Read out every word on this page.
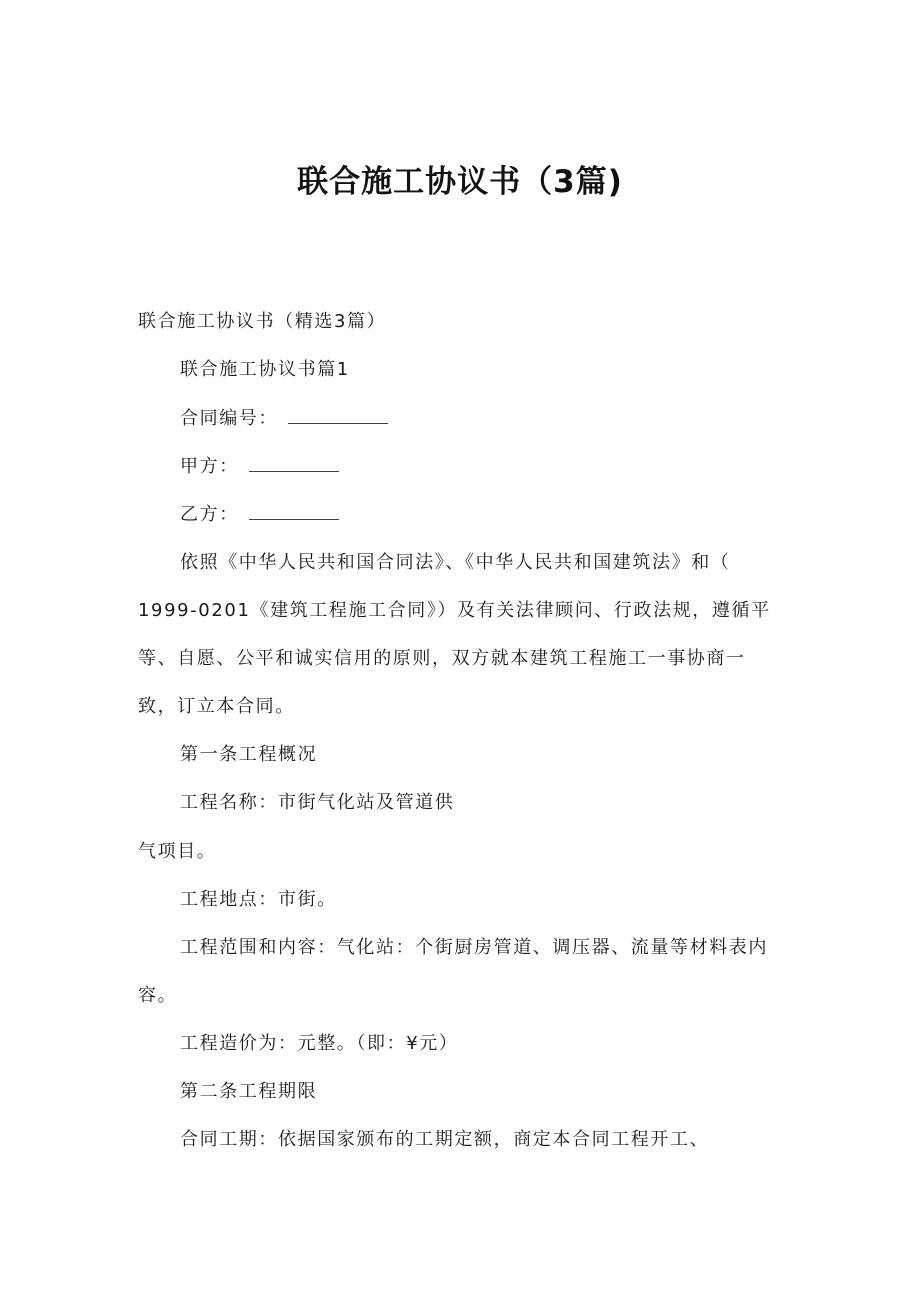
联合施工协议书（3篇)
联合施工协议书（精选3篇）
联合施工协议书篇1
合同编号：
甲方：
乙方：
依照《中华人民共和国合同法》、《中华人民共和国建筑法》和（
1999-0201《建筑工程施工合同》）及有关法律顾问、行政法规，遵循平
等、自愿、公平和诚实信用的原则，双方就本建筑工程施工一事协商一
致，订立本合同。
第一条工程概况
工程名称：市街气化站及管道供
气项目。
工程地点：市街。
工程范围和内容：气化站：个街厨房管道、调压器、流量等材料表内
容。
工程造价为：元整。（即：¥元）
第二条工程期限
合同工期：依据国家颁布的工期定额，商定本合同工程开工、
